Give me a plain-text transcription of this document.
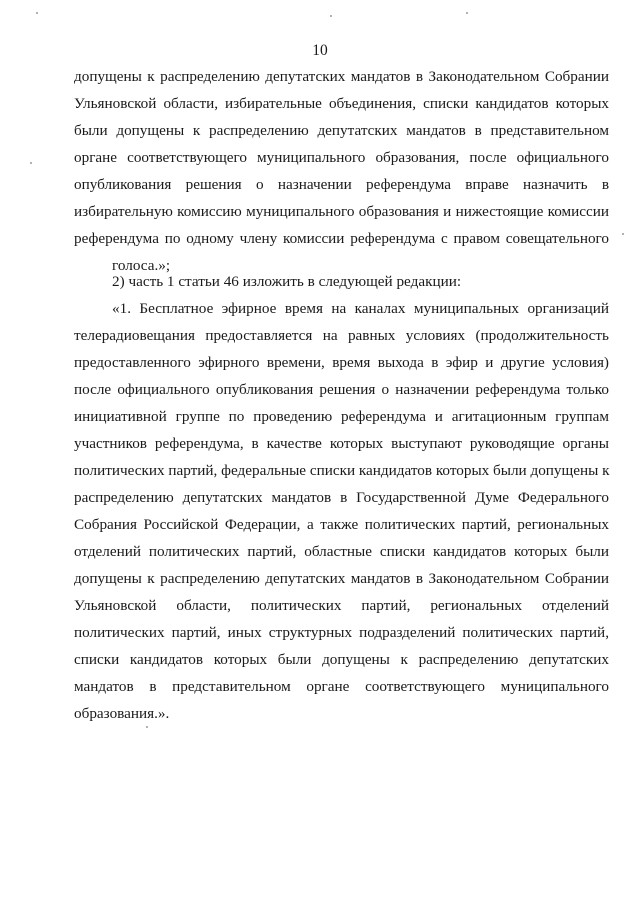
10
допущены к распределению депутатских мандатов в Законодательном Собрании
Ульяновской области, избирательные объединения, списки кандидатов которых
были допущены к распределению депутатских мандатов в представительном
органе соответствующего муниципального образования, после официального
опубликования решения о назначении референдума вправе назначить в
избирательную комиссию муниципального образования и нижестоящие комиссии
референдума по одному члену комиссии референдума с правом совещательного
голоса.»;
2) часть 1 статьи 46 изложить в следующей редакции:
«1. Бесплатное эфирное время на каналах муниципальных организаций
телерадиовещания предоставляется на равных условиях (продолжительность
предоставленного эфирного времени, время выхода в эфир и другие условия)
после официального опубликования решения о назначении референдума только
инициативной группе по проведению референдума и агитационным группам
участников референдума, в качестве которых выступают руководящие органы
политических партий, федеральные списки кандидатов которых были допущены к
распределению депутатских мандатов в Государственной Думе Федерального
Собрания Российской Федерации, а также политических партий, региональных
отделений политических партий, областные списки кандидатов которых были
допущены к распределению депутатских мандатов в Законодательном Собрании
Ульяновской области, политических партий, региональных отделений
политических партий, иных структурных подразделений политических партий,
списки кандидатов которых были допущены к распределению депутатских
мандатов в представительном органе соответствующего муниципального
образования.».
